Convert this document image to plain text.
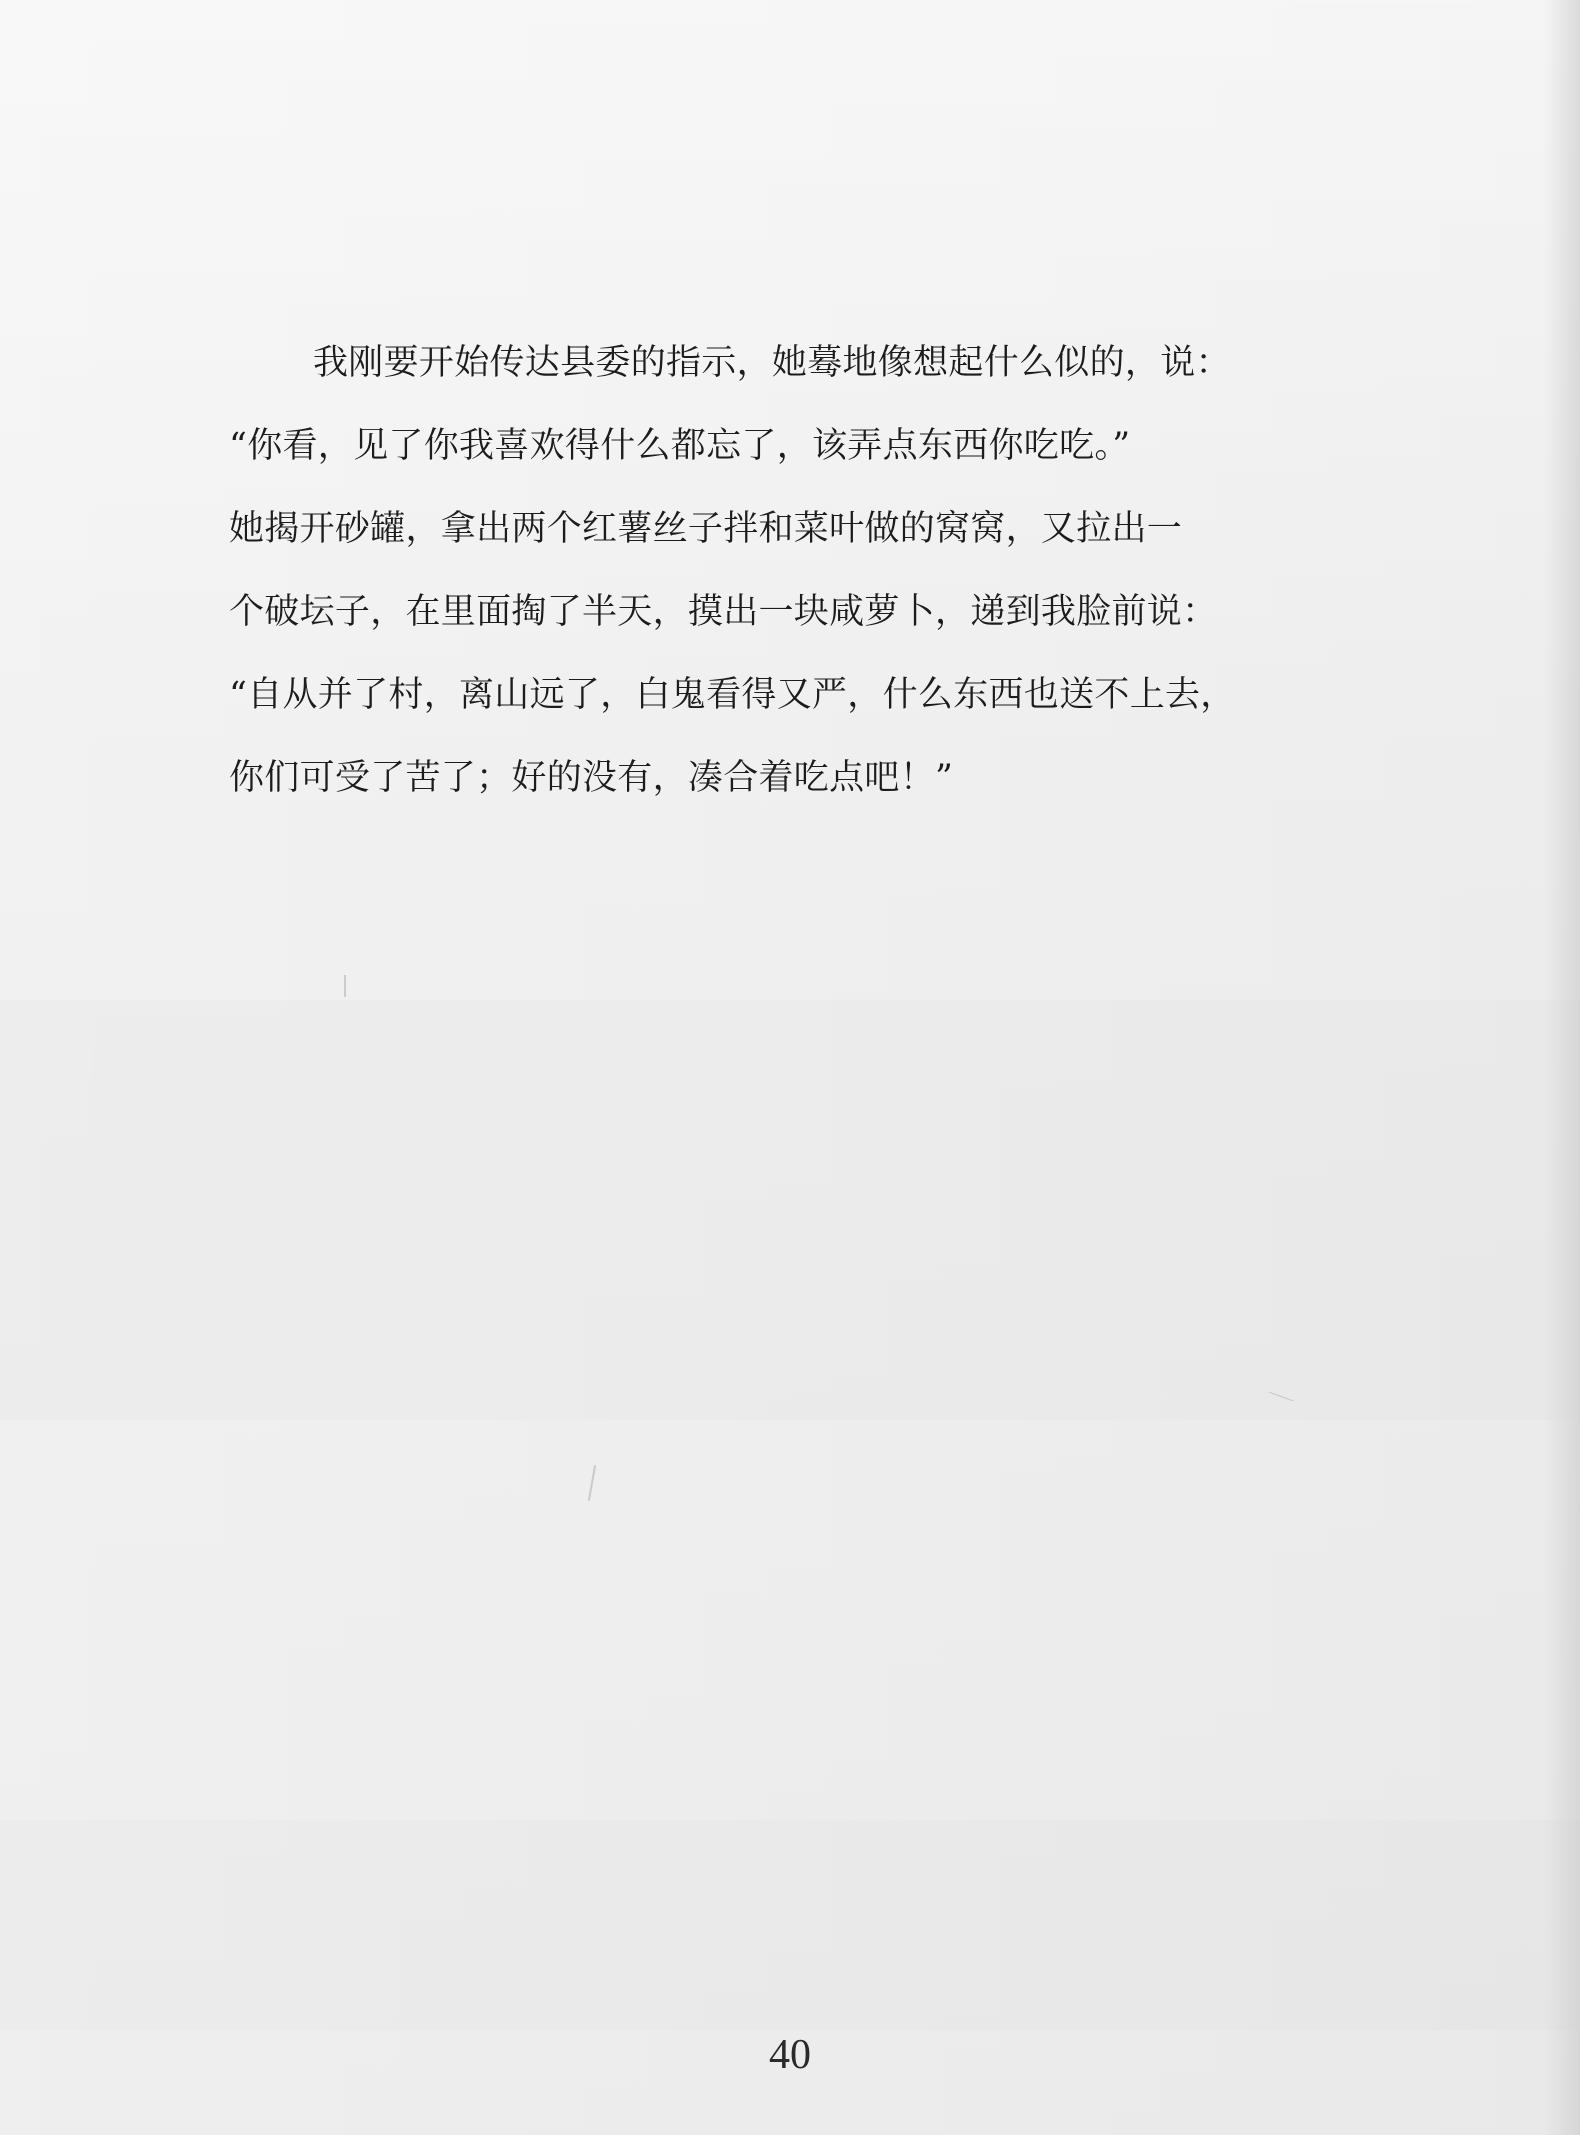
我刚要开始传达县委的指示，她蓦地像想起什么似的，说：
“你看，见了你我喜欢得什么都忘了，该弄点东西你吃吃。”
她揭开砂罐，拿出两个红薯丝子拌和菜叶做的窝窝，又拉出一
个破坛子，在里面掏了半天，摸出一块咸萝卜，递到我脸前说：
“自从并了村，离山远了，白鬼看得又严，什么东西也送不上去，
你们可受了苦了；好的没有，凑合着吃点吧！”
40
